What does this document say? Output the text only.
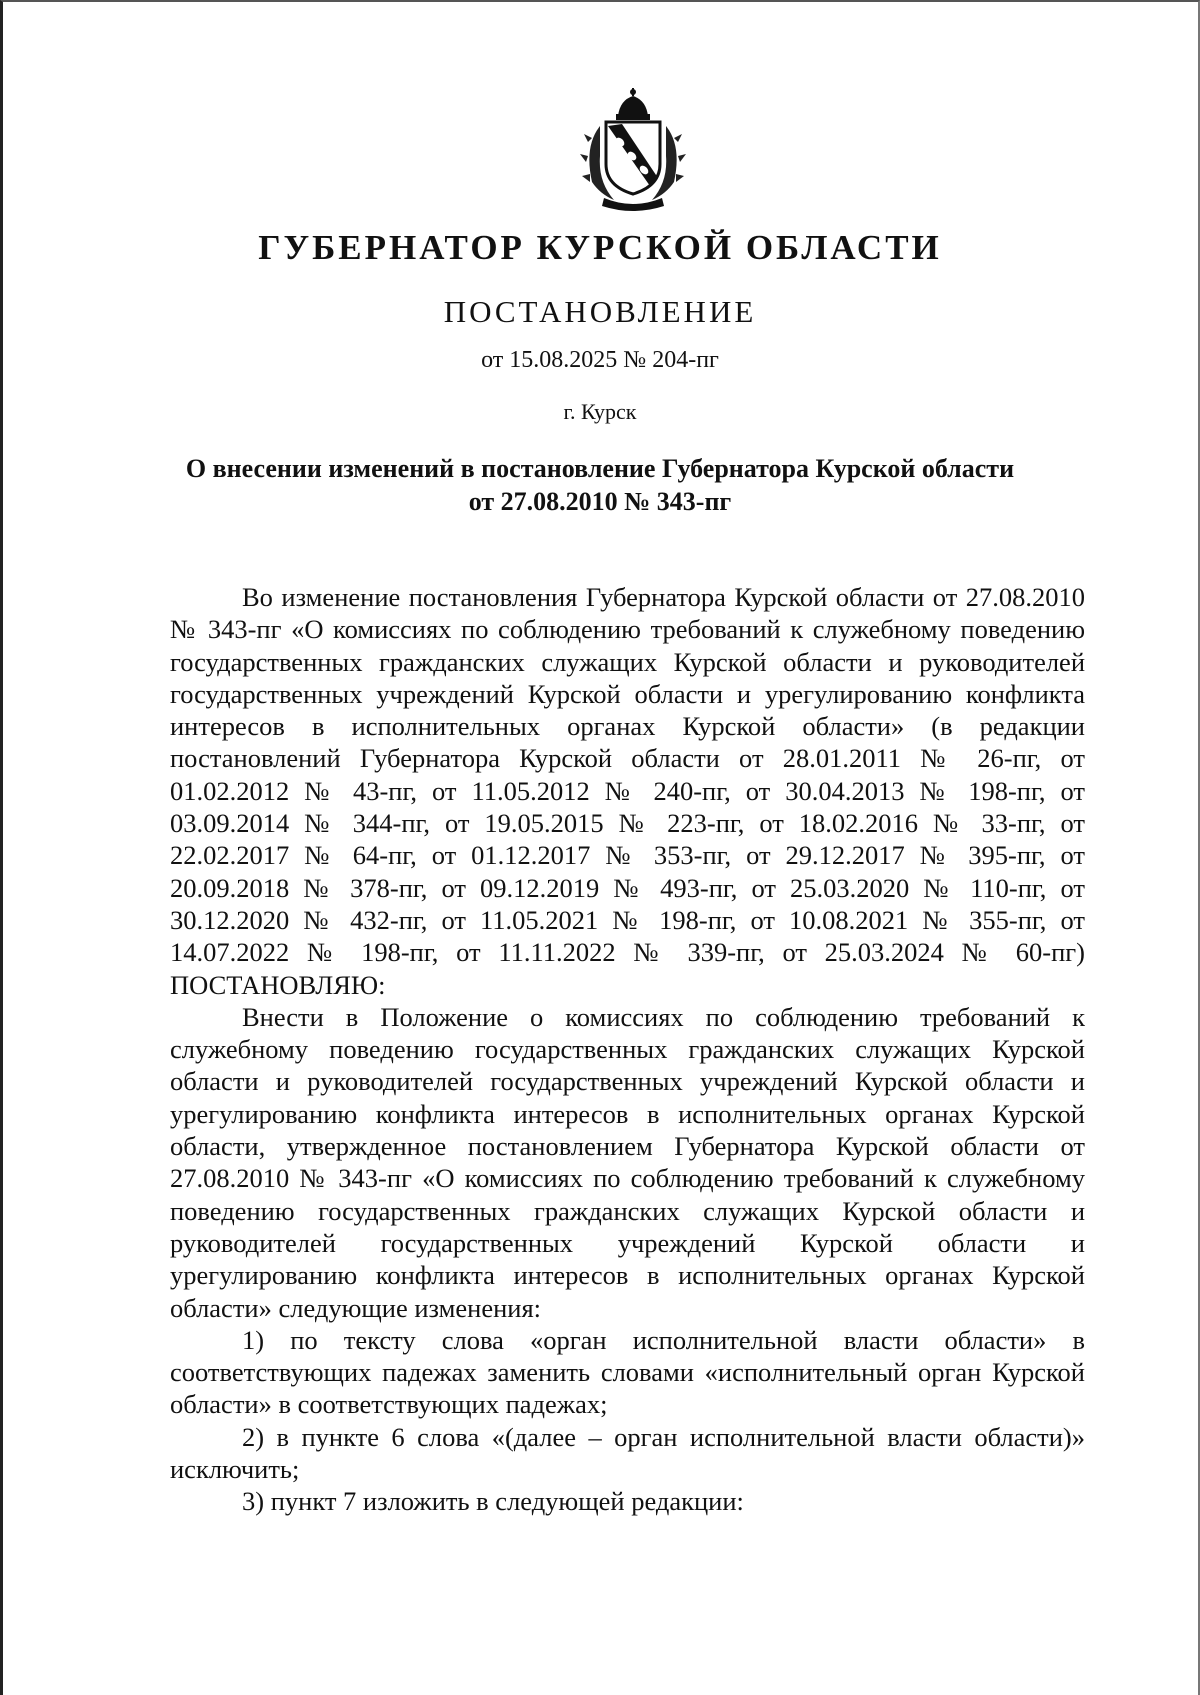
ГУБЕРНАТОР КУРСКОЙ ОБЛАСТИ
ПОСТАНОВЛЕНИЕ
от 15.08.2025 № 204-пг
г. Курск
О внесении изменений в постановление Губернатора Курской области
от 27.08.2010 № 343-пг

Во изменение постановления Губернатора Курской области от 27.08.2010 № 343-пг «О комиссиях по соблюдению требований к служебному поведению государственных гражданских служащих Курской области и руководителей государственных учреждений Курской области и урегулированию конфликта интересов в исполнительных органах Курской области» (в редакции постановлений Губернатора Курской области от 28.01.2011 № 26-пг, от 01.02.2012 № 43-пг, от 11.05.2012 № 240-пг, от 30.04.2013 № 198-пг, от 03.09.2014 № 344-пг, от 19.05.2015 № 223-пг, от 18.02.2016 № 33-пг, от 22.02.2017 № 64-пг, от 01.12.2017 № 353-пг, от 29.12.2017 № 395-пг, от 20.09.2018 № 378-пг, от 09.12.2019 № 493-пг, от 25.03.2020 № 110-пг, от 30.12.2020 № 432-пг, от 11.05.2021 № 198-пг, от 10.08.2021 № 355-пг, от 14.07.2022 № 198-пг, от 11.11.2022 № 339-пг, от 25.03.2024 № 60-пг) ПОСТАНОВЛЯЮ:

Внести в Положение о комиссиях по соблюдению требований к служебному поведению государственных гражданских служащих Курской области и руководителей государственных учреждений Курской области и урегулированию конфликта интересов в исполнительных органах Курской области, утвержденное постановлением Губернатора Курской области от 27.08.2010 № 343-пг «О комиссиях по соблюдению требований к служебному поведению государственных гражданских служащих Курской области и руководителей государственных учреждений Курской области и урегулированию конфликта интересов в исполнительных органах Курской области» следующие изменения:

1) по тексту слова «орган исполнительной власти области» в соответствующих падежах заменить словами «исполнительный орган Курской области» в соответствующих падежах;

2) в пункте 6 слова «(далее – орган исполнительной власти области)» исключить;

3) пункт 7 изложить в следующей редакции:
